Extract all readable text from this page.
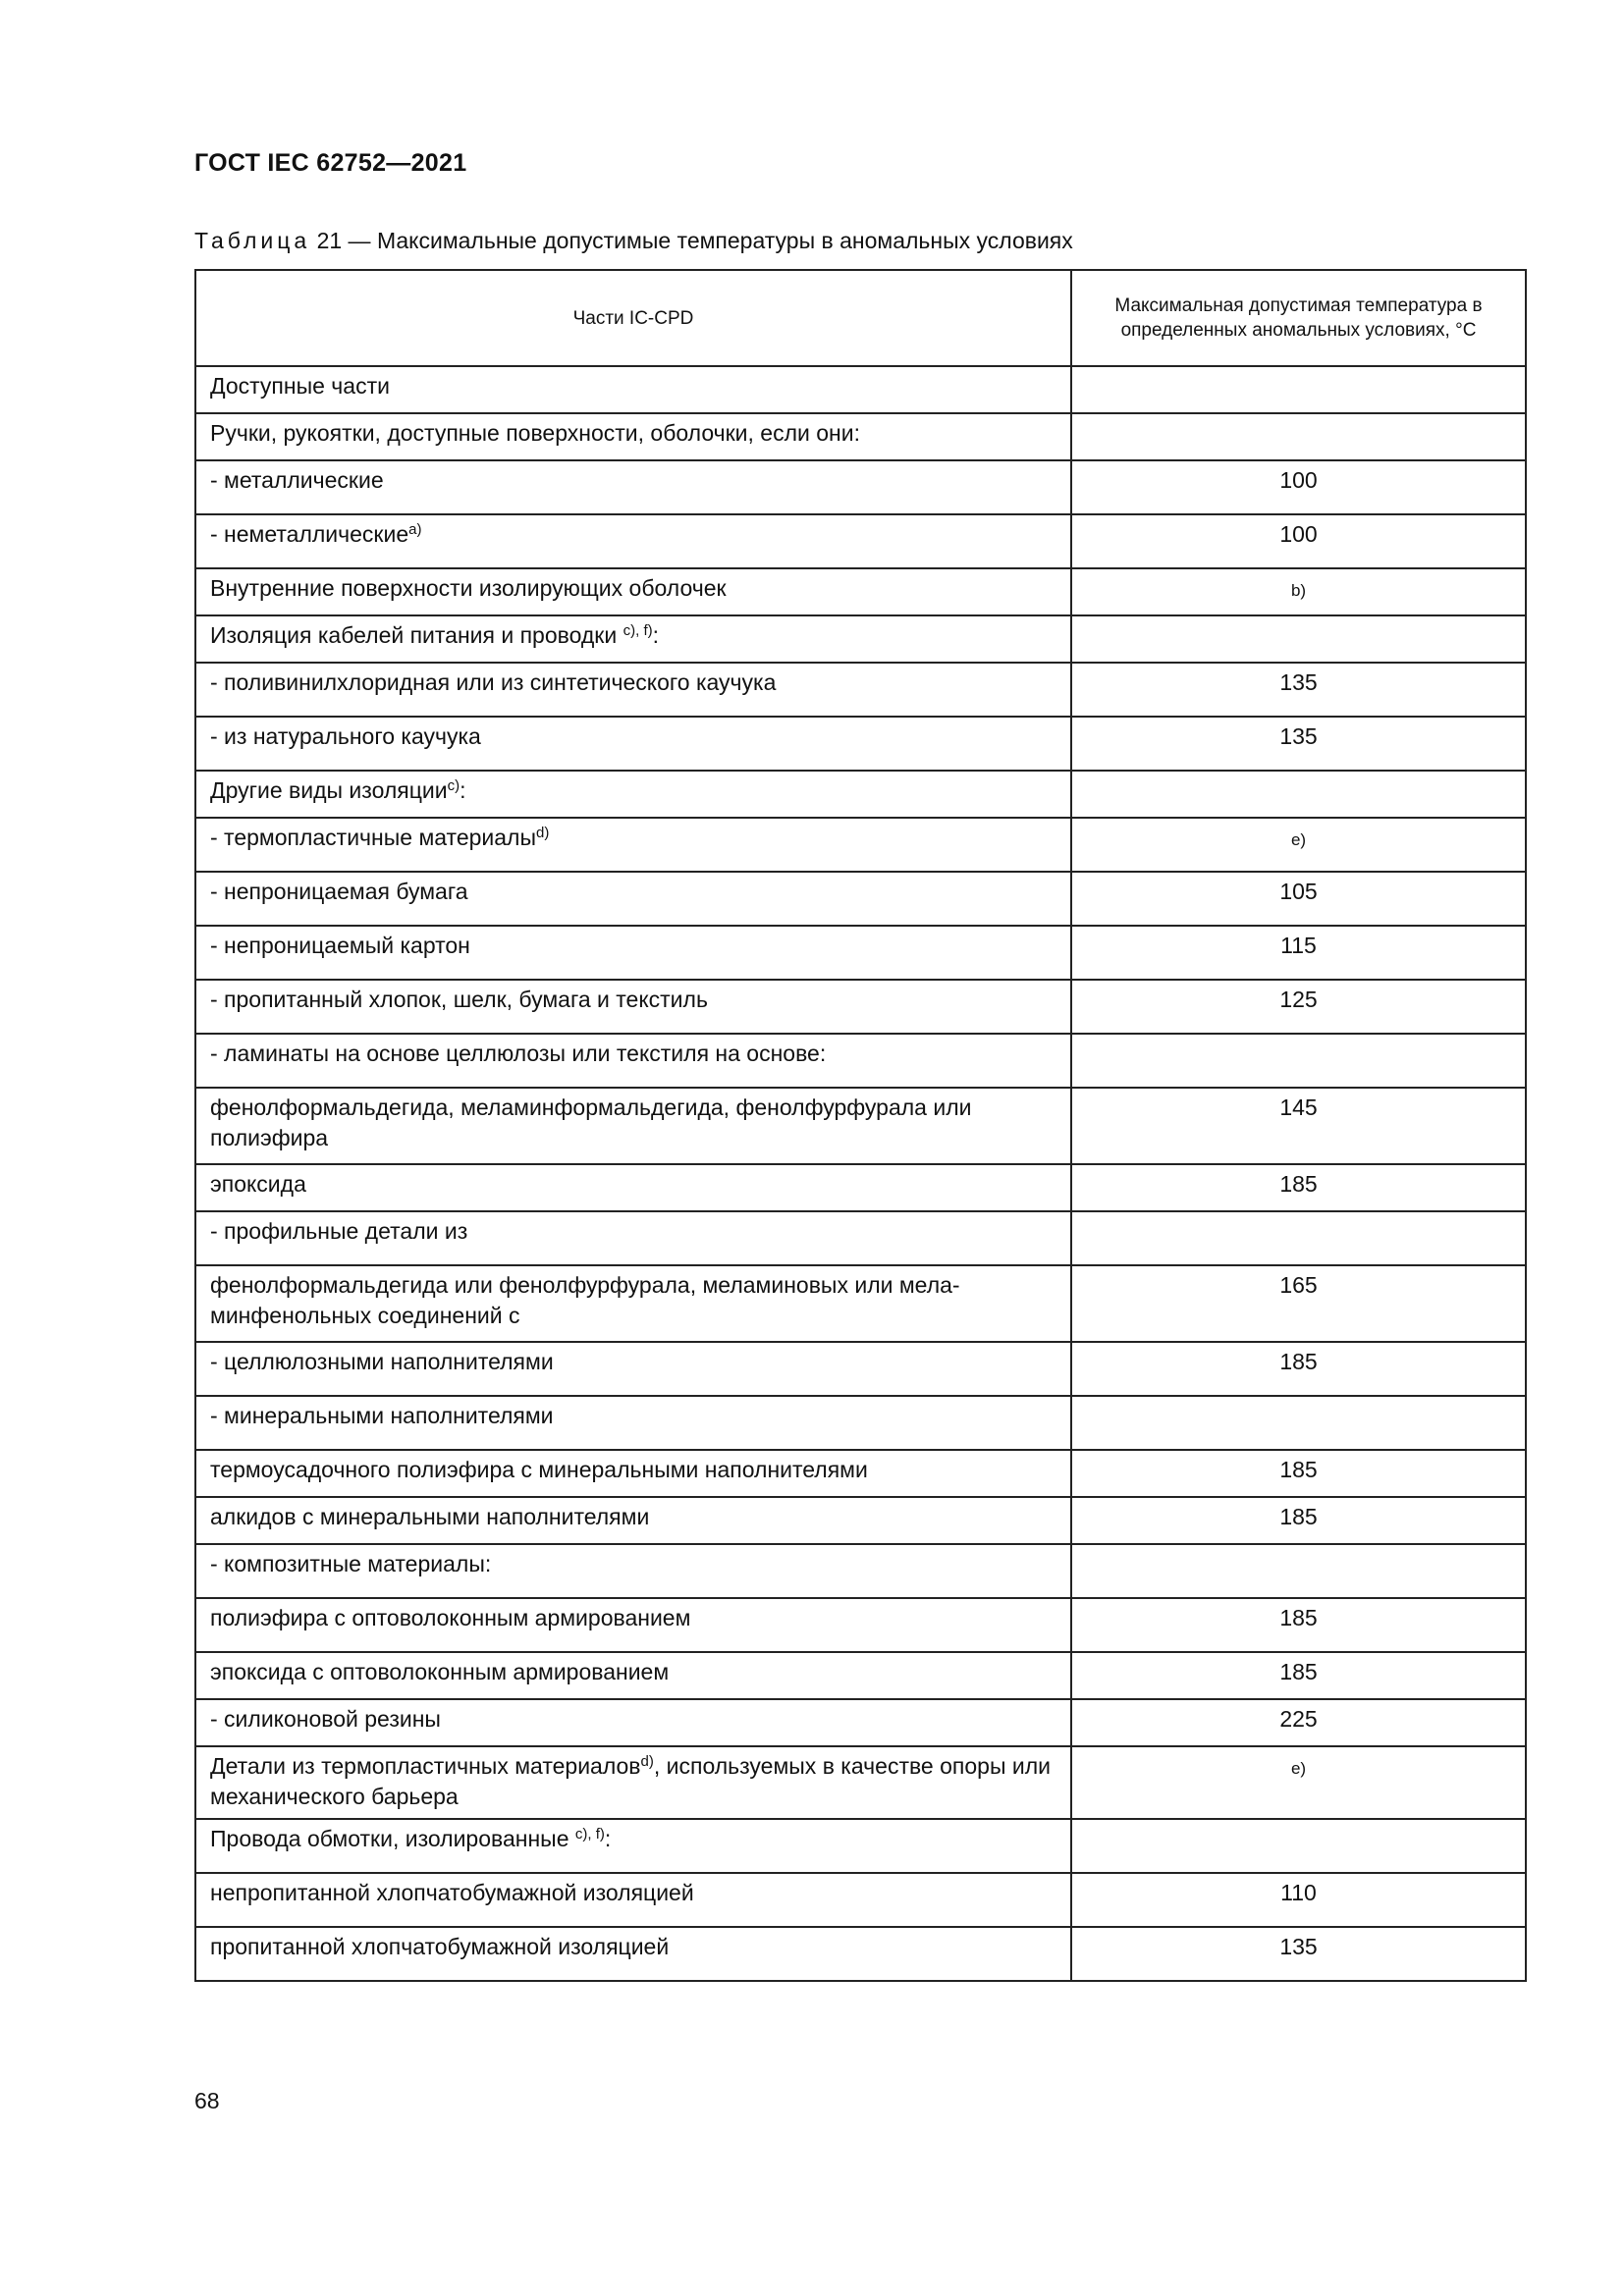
ГОСТ IEC 62752—2021
Таблица 21 — Максимальные допустимые температуры в аномальных условиях
Части IC-CPD	Максимальная допустимая температура в определенных аномальных условиях, °С
Доступные части	
Ручки, рукоятки, доступные поверхности, оболочки, если они:	
- металлические	100
- неметаллические$^{a)}$	100
Внутренние поверхности изолирующих оболочек	b)
Изоляция кабелей питания и проводки $^{c), f)}$:	
- поливинилхлоридная или из синтетического каучука	135
- из натурального каучука	135
Другие виды изоляции$^{c)}$:	
- термопластичные материалы$^{d)}$	e)
- непроницаемая бумага	105
- непроницаемый картон	115
- пропитанный хлопок, шелк, бумага и текстиль	125
- ламинаты на основе целлюлозы или текстиля на основе:	
фенолформальдегида, меламинформальдегида, фенолфурфурала или полиэфира	145
эпоксида	185
- профильные детали из	
фенолформальдегида или фенолфурфурала, меламиновых или мела-минфенольных соединений с	165
- целлюлозными наполнителями	185
- минеральными наполнителями	
термоусадочного полиэфира с минеральными наполнителями	185
алкидов с минеральными наполнителями	185
- композитные материалы:	
полиэфира с оптоволоконным армированием	185
эпоксида с оптоволоконным армированием	185
- силиконовой резины	225
Детали из термопластичных материалов$^{d)}$, используемых в качестве опоры или механического барьера	e)
Провода обмотки, изолированные $^{c), f)}$:	
непропитанной хлопчатобумажной изоляцией	110
пропитанной хлопчатобумажной изоляцией	135
68
